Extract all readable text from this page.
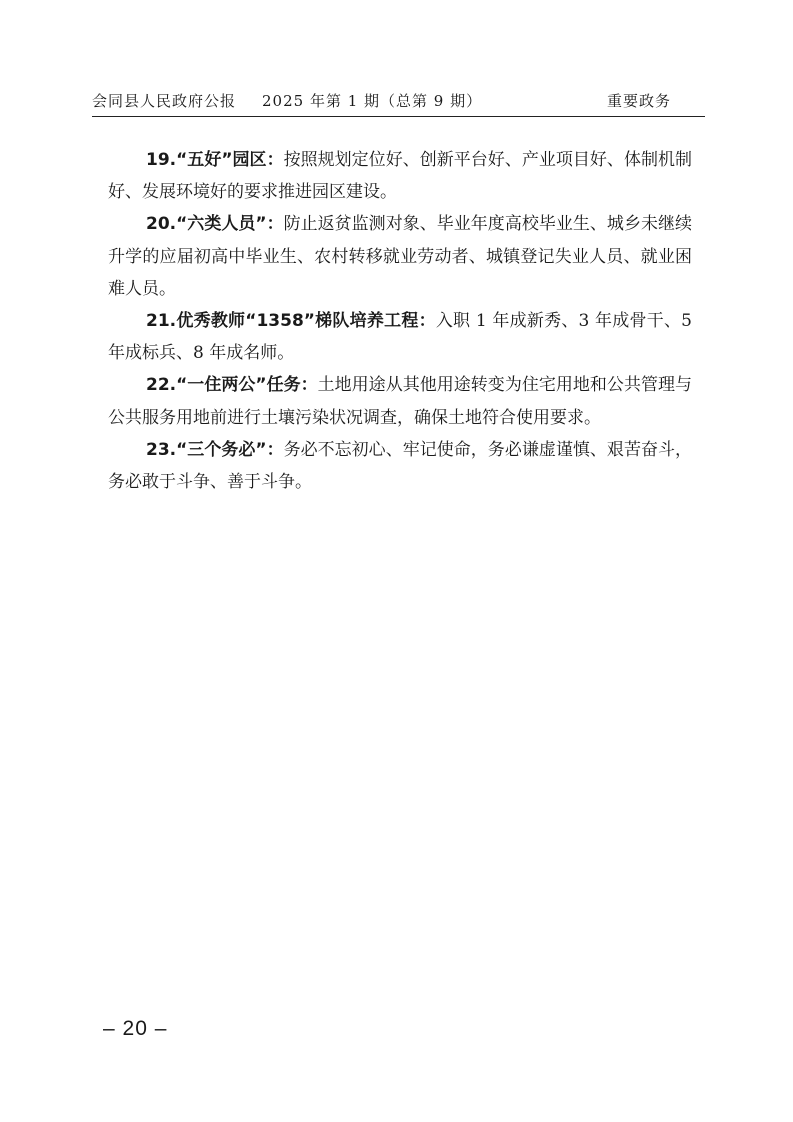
会同县人民政府公报 2025 年第 1 期（总第 9 期）	重要政务

19.“五好”园区：按照规划定位好、创新平台好、产业项目好、体制机制好、发展环境好的要求推进园区建设。

20.“六类人员”：防止返贫监测对象、毕业年度高校毕业生、城乡未继续升学的应届初高中毕业生、农村转移就业劳动者、城镇登记失业人员、就业困难人员。

21.优秀教师“1358”梯队培养工程：入职 1 年成新秀、3 年成骨干、5 年成标兵、8 年成名师。

22.“一住两公”任务：土地用途从其他用途转变为住宅用地和公共管理与公共服务用地前进行土壤污染状况调查，确保土地符合使用要求。

23.“三个务必”：务必不忘初心、牢记使命，务必谦虚谨慎、艰苦奋斗，务必敢于斗争、善于斗争。

– 20 –
